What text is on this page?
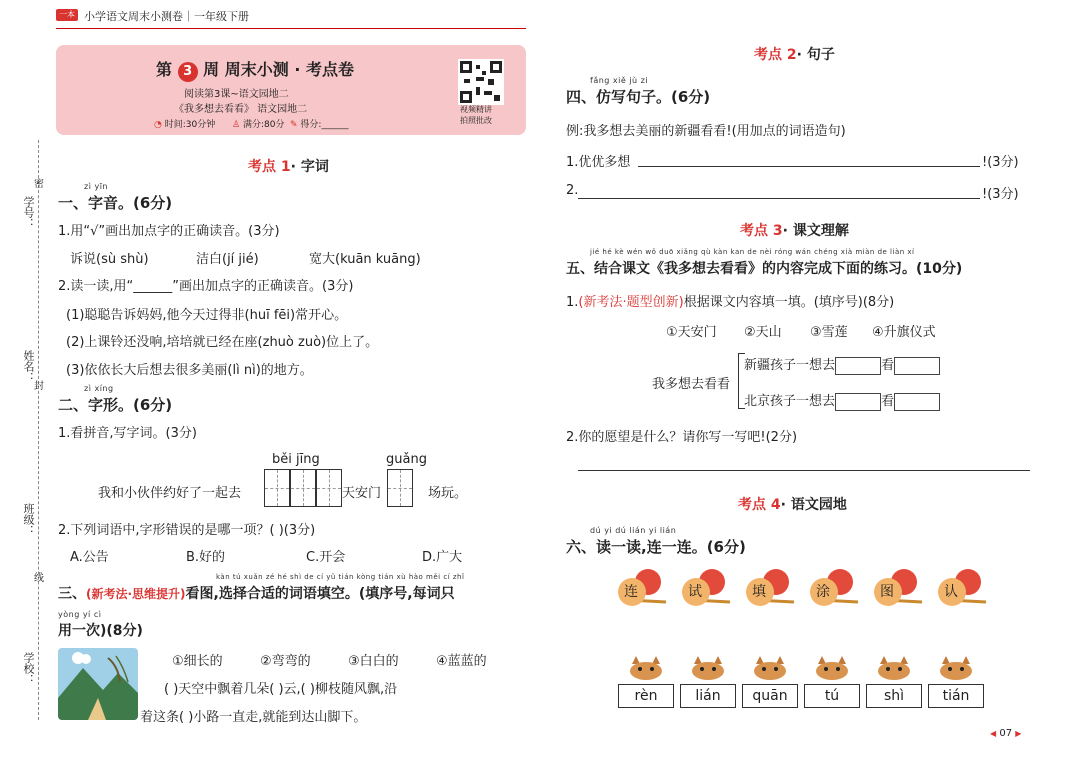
一本 小学语文周末小测卷｜一年级下册
学号：
姓名：
班级：
学校：
密
封
线
第 3 周 周末小测 · 考点卷
阅读第3课~语文园地二
《我多想去看看》 语文园地二
◔ 时间:30分钟 ♙ 满分:80分 ✎ 得分:______
视频精讲
拍照批改
考点 1· 字词
zì yīn
一、字音。(6分)
1.用“√”画出加点字的正确读音。(3分)
诉说(sù shù)	洁白(jí jié)	宽大(kuān kuāng)
2.读一读,用“______”画出加点字的正确读音。(3分)
(1)聪聪告诉妈妈,他今天过得非(huī fēi)常开心。
(2)上课铃还没响,培培就已经在座(zhuò zuò)位上了。
(3)依依长大后想去很多美丽(lì nì)的地方。
zì xíng
二、字形。(6分)
1.看拼音,写字词。(3分)
běi jīng	guǎng
我和小伙伴约好了一起去	天安门	场玩。
2.下列词语中,字形错误的是哪一项？( )(3分)
A.公告	B.好的	C.开会	D.广大
kàn tú xuǎn zé hé shì de cí yǔ tián kòng tián xù hào měi cí zhǐ
三、(新考法·思维提升)看图,选择合适的词语填空。(填序号,每词只
yòng yí cì
用一次)(8分)
①细长的	②弯弯的	③白白的	④蓝蓝的
( )天空中飘着几朵( )云,( )柳枝随风飘,沿
着这条( )小路一直走,就能到达山脚下。
考点 2· 句子
fǎng xiě jù zi
四、仿写句子。(6分)
例:我多想去美丽的新疆看看!(用加点的词语造句)
1.优优多想	!(3分)
2.	!(3分)
考点 3· 课文理解
jié hé kè wén wǒ duō xiǎng qù kàn kan de nèi róng wán chéng xià miàn de liàn xí
五、结合课文《我多想去看看》的内容完成下面的练习。(10分)
1.(新考法·题型创新)根据课文内容填一填。(填序号)(8分)
①天安门 ②天山 ③雪莲 ④升旗仪式
我多想去看看
新疆孩子一想去	看
北京孩子一想去	看
2.你的愿望是什么？请你写一写吧!(2分)
考点 4· 语文园地
dú yi dú lián yi lián
六、读一读,连一连。(6分)
连	试	填	涂	图	认
rèn	lián	quān	tú	shì	tián
◀ 07 ▶
